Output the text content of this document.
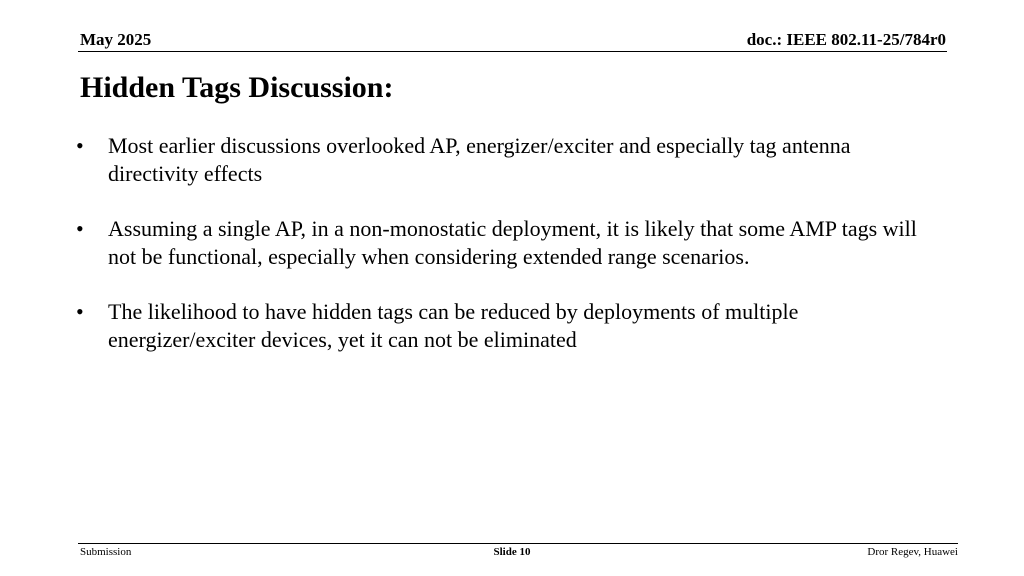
May 2025	doc.: IEEE 802.11-25/784r0
Hidden Tags Discussion:
•	Most earlier discussions overlooked AP, energizer/exciter and especially tag antenna directivity effects
•	Assuming a single AP, in a non-monostatic deployment, it is likely that some AMP tags will not be functional, especially when considering extended range scenarios.
•	The likelihood to have hidden tags can be reduced by deployments of multiple energizer/exciter devices, yet it can not be eliminated
Submission	Slide 10	Dror Regev, Huawei
